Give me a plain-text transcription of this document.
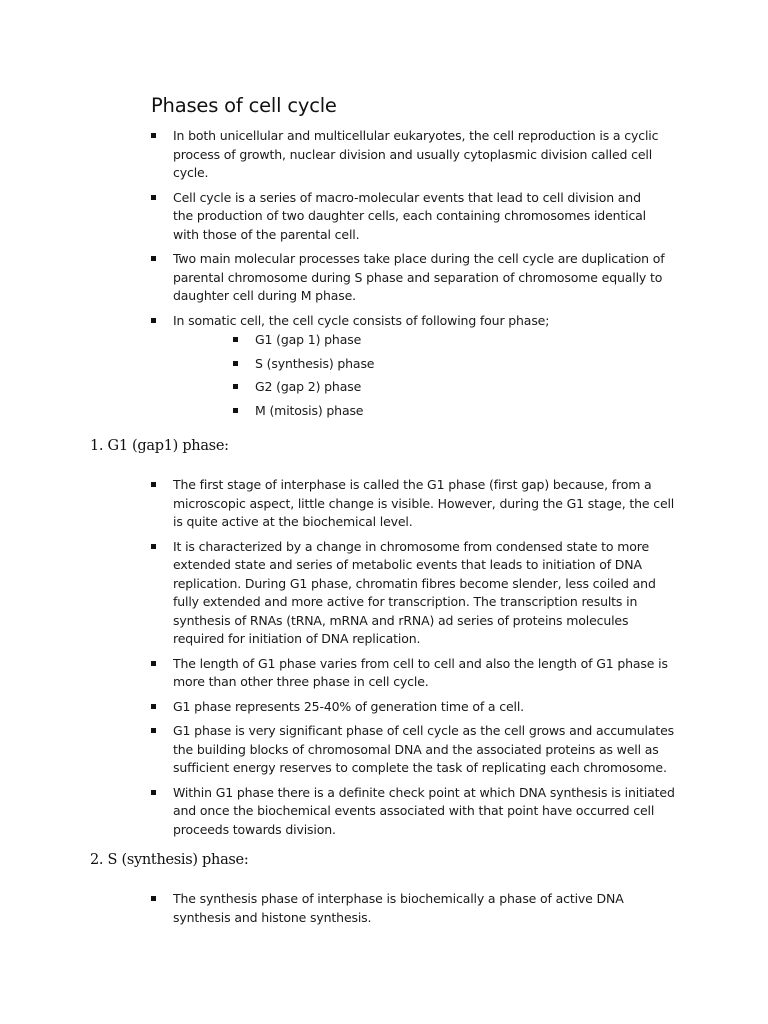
Phases of cell cycle
In both unicellular and multicellular eukaryotes, the cell reproduction is a cyclic
process of growth, nuclear division and usually cytoplasmic division called cell
cycle.
Cell cycle is a series of macro-molecular events that lead to cell division and
the production of two daughter cells, each containing chromosomes identical
with those of the parental cell.
Two main molecular processes take place during the cell cycle are duplication of
parental chromosome during S phase and separation of chromosome equally to
daughter cell during M phase.
In somatic cell, the cell cycle consists of following four phase;
G1 (gap 1) phase
S (synthesis) phase
G2 (gap 2) phase
M (mitosis) phase
1. G1 (gap1) phase:
The first stage of interphase is called the G1 phase (first gap) because, from a
microscopic aspect, little change is visible. However, during the G1 stage, the cell
is quite active at the biochemical level.
It is characterized by a change in chromosome from condensed state to more
extended state and series of metabolic events that leads to initiation of DNA
replication. During G1 phase, chromatin fibres become slender, less coiled and
fully extended and more active for transcription. The transcription results in
synthesis of RNAs (tRNA, mRNA and rRNA) ad series of proteins molecules
required for initiation of DNA replication.
The length of G1 phase varies from cell to cell and also the length of G1 phase is
more than other three phase in cell cycle.
G1 phase represents 25-40% of generation time of a cell.
G1 phase is very significant phase of cell cycle as the cell grows and accumulates
the building blocks of chromosomal DNA and the associated proteins as well as
sufficient energy reserves to complete the task of replicating each chromosome.
Within G1 phase there is a definite check point at which DNA synthesis is initiated
and once the biochemical events associated with that point have occurred cell
proceeds towards division.
2. S (synthesis) phase:
The synthesis phase of interphase is biochemically a phase of active DNA
synthesis and histone synthesis.
